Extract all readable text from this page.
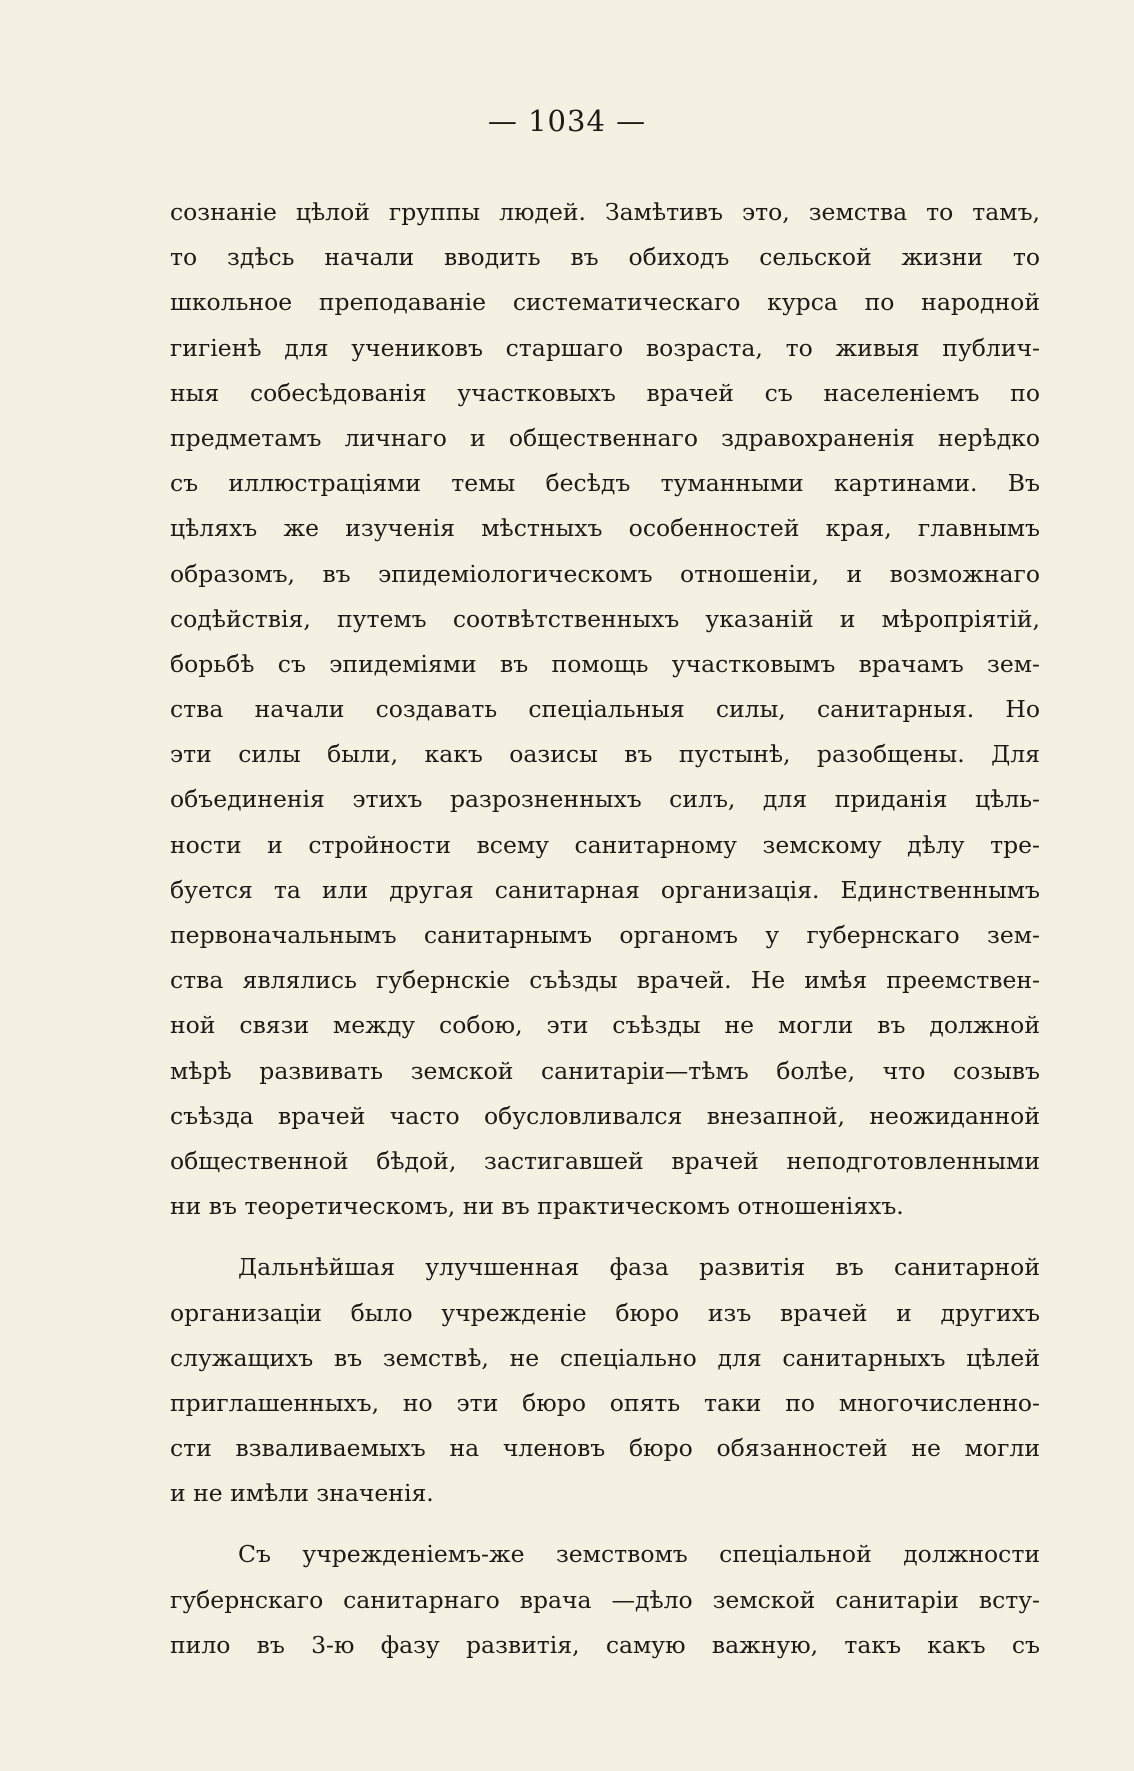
— 1034 —
сознаніе цѣлой группы людей. Замѣтивъ это, земства то тамъ,
то здѣсь начали вводить въ обиходъ сельской жизни то
школьное преподаваніе систематическаго курса по народной
гигіенѣ для учениковъ старшаго возраста, то живыя публич-
ныя собесѣдованія участковыхъ врачей съ населеніемъ по
предметамъ личнаго и общественнаго здравохраненія нерѣдко
съ иллюстраціями темы бесѣдъ туманными картинами. Въ
цѣляхъ же изученія мѣстныхъ особенностей края, главнымъ
образомъ, въ эпидеміологическомъ отношеніи, и возможнаго
содѣйствія, путемъ соотвѣтственныхъ указаній и мѣропріятій,
борьбѣ съ эпидеміями въ помощь участковымъ врачамъ зем-
ства начали создавать спеціальныя силы, санитарныя. Но
эти силы были, какъ оазисы въ пустынѣ, разобщены. Для
объединенія этихъ разрозненныхъ силъ, для приданія цѣль-
ности и стройности всему санитарному земскому дѣлу тре-
буется та или другая санитарная организація. Единственнымъ
первоначальнымъ санитарнымъ органомъ у губернскаго зем-
ства являлись губернскіе съѣзды врачей. Не имѣя преемствен-
ной связи между собою, эти съѣзды не могли въ должной
мѣрѣ развивать земской санитаріи—тѣмъ болѣе, что созывъ
съѣзда врачей часто обусловливался внезапной, неожиданной
общественной бѣдой, застигавшей врачей неподготовленными
ни въ теоретическомъ, ни въ практическомъ отношеніяхъ.
Дальнѣйшая улучшенная фаза развитія въ санитарной
организаціи было учрежденіе бюро изъ врачей и другихъ
служащихъ въ земствѣ, не спеціально для санитарныхъ цѣлей
приглашенныхъ, но эти бюро опять таки по многочисленно-
сти взваливаемыхъ на членовъ бюро обязанностей не могли
и не имѣли значенія.
Съ учрежденіемъ-же земствомъ спеціальной должности
губернскаго санитарнаго врача —дѣло земской санитаріи всту-
пило въ 3-ю фазу развитія, самую важную, такъ какъ съ
